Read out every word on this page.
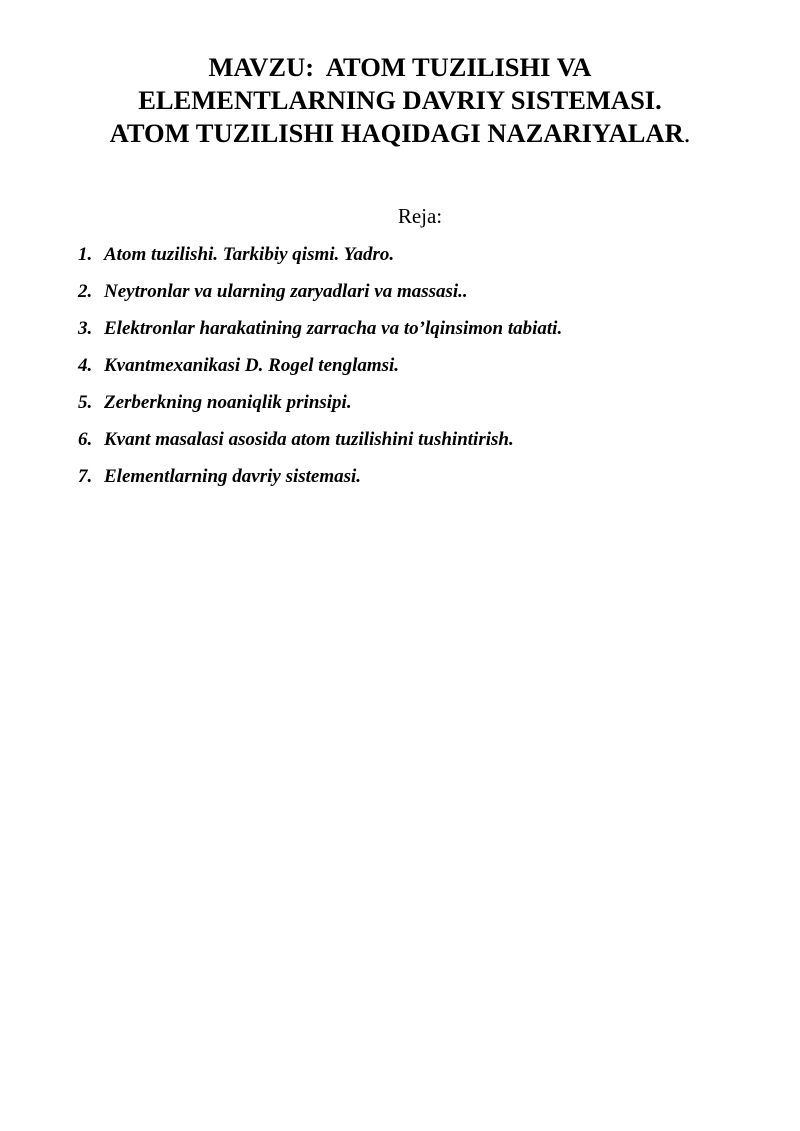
MAVZU:  ATOM TUZILISHI VA
ELEMENTLARNING DAVRIY SISTEMASI.
ATOM TUZILISHI HAQIDAGI NAZARIYALAR.

Reja:

1. Atom tuzilishi. Tarkibiy qismi. Yadro.
2. Neytronlar va ularning zaryadlari va massasi..
3. Elektronlar harakatining zarracha va to’lqinsimon tabiati.
4. Kvantmexanikasi D. Rogel tenglamsi.
5. Zerberkning noaniqlik prinsipi.
6. Kvant masalasi asosida atom tuzilishini tushintirish.
7. Elementlarning davriy sistemasi.
